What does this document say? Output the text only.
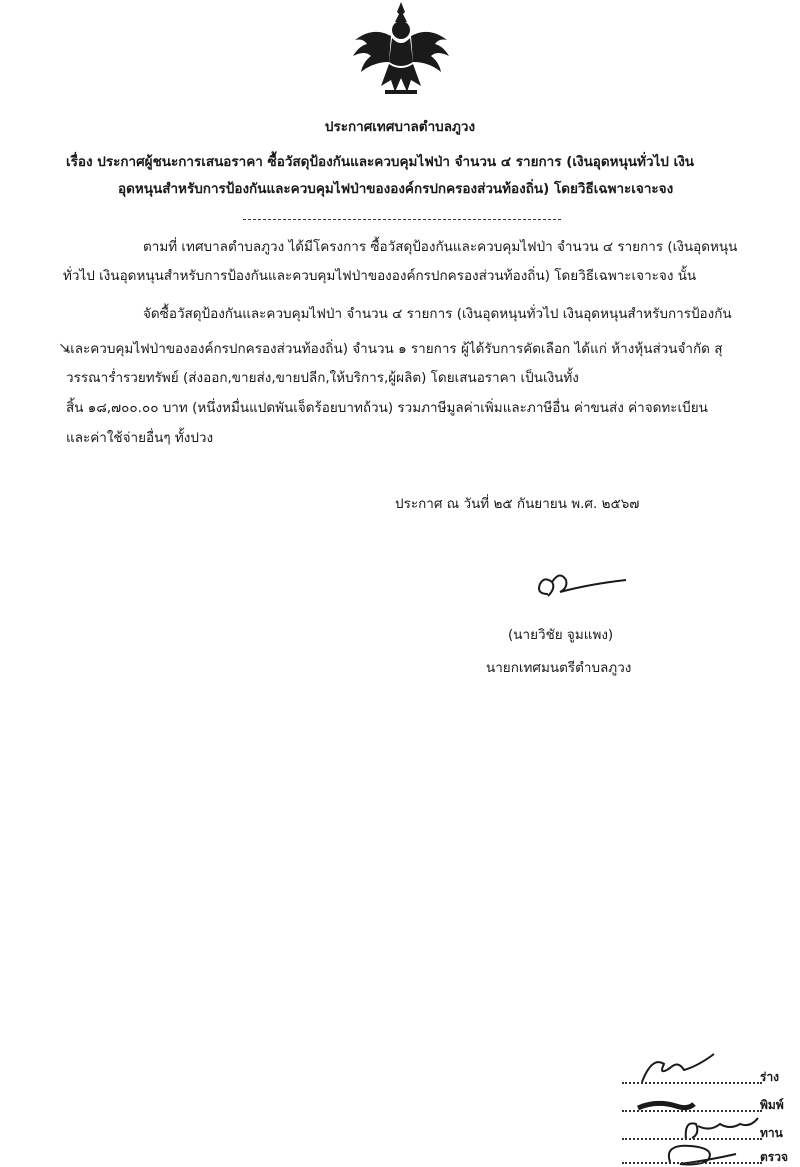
ประกาศเทศบาลตำบลภูวง
เรื่อง ประกาศผู้ชนะการเสนอราคา ซื้อวัสดุป้องกันและควบคุมไฟป่า จำนวน ๔ รายการ (เงินอุดหนุนทั่วไป เงิน
อุดหนุนสำหรับการป้องกันและควบคุมไฟป่าขององค์กรปกครองส่วนท้องถิ่น) โดยวิธีเฉพาะเจาะจง
ตามที่ เทศบาลตำบลภูวง ได้มีโครงการ ซื้อวัสดุป้องกันและควบคุมไฟป่า จำนวน ๔ รายการ (เงินอุดหนุน
ทั่วไป เงินอุดหนุนสำหรับการป้องกันและควบคุมไฟป่าขององค์กรปกครองส่วนท้องถิ่น) โดยวิธีเฉพาะเจาะจง นั้น
จัดซื้อวัสดุป้องกันและควบคุมไฟป่า จำนวน ๔ รายการ (เงินอุดหนุนทั่วไป เงินอุดหนุนสำหรับการป้องกัน
↘
และควบคุมไฟป่าขององค์กรปกครองส่วนท้องถิ่น) จำนวน ๑ รายการ ผู้ได้รับการคัดเลือก ได้แก่ ห้างหุ้นส่วนจำกัด สุ
วรรณาร่ำรวยทรัพย์ (ส่งออก,ขายส่ง,ขายปลีก,ให้บริการ,ผู้ผลิต) โดยเสนอราคา เป็นเงินทั้ง
สิ้น ๑๘,๗๐๐.๐๐ บาท (หนึ่งหมื่นแปดพันเจ็ดร้อยบาทถ้วน) รวมภาษีมูลค่าเพิ่มและภาษีอื่น ค่าขนส่ง ค่าจดทะเบียน
และค่าใช้จ่ายอื่นๆ ทั้งปวง
ประกาศ ณ วันที่ ๒๕ กันยายน พ.ศ. ๒๕๖๗
(นายวิชัย จูมแพง)
นายกเทศมนตรีตำบลภูวง
ร่าง
พิมพ์
ทาน
ตรวจ
